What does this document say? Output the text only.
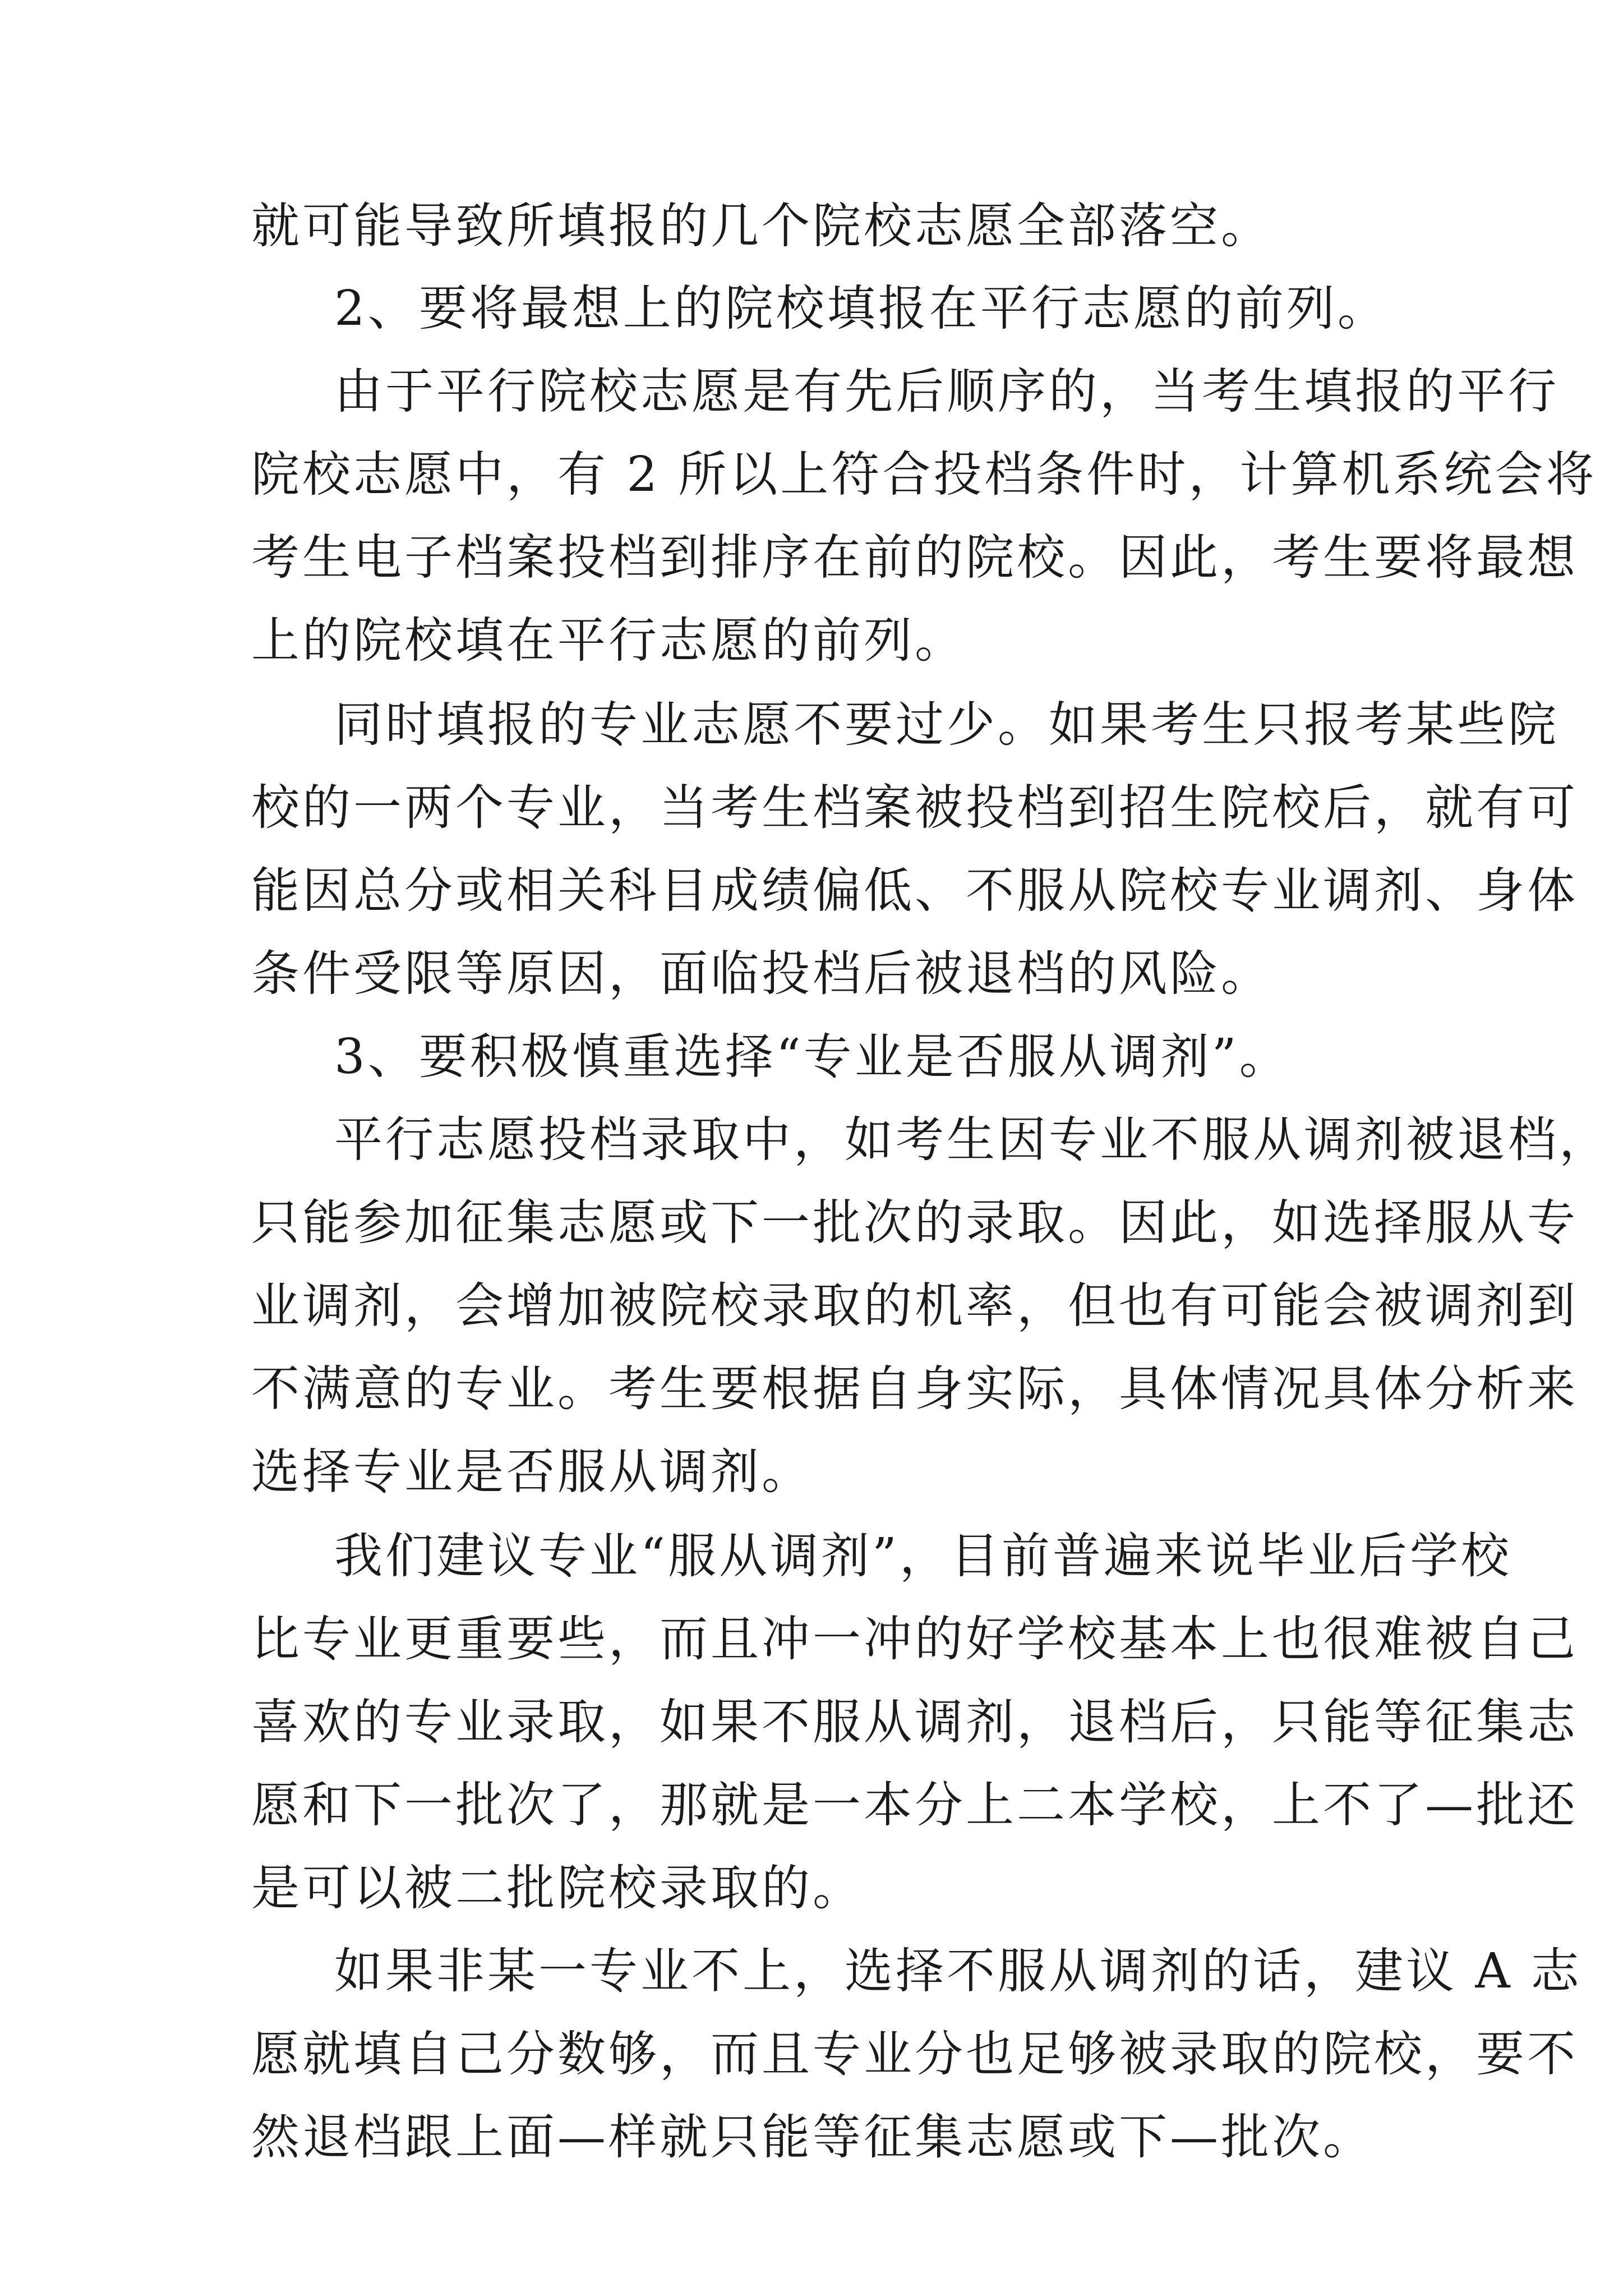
就可能导致所填报的几个院校志愿全部落空。
2、要将最想上的院校填报在平行志愿的前列。
由于平行院校志愿是有先后顺序的，当考生填报的平行
院校志愿中，有 2 所以上符合投档条件时，计算机系统会将
考生电子档案投档到排序在前的院校。因此，考生要将最想
上的院校填在平行志愿的前列。
同时填报的专业志愿不要过少。如果考生只报考某些院
校的一两个专业，当考生档案被投档到招生院校后，就有可
能因总分或相关科目成绩偏低、不服从院校专业调剂、身体
条件受限等原因，面临投档后被退档的风险。
3、要积极慎重选择“专业是否服从调剂”。
平行志愿投档录取中，如考生因专业不服从调剂被退档，
只能参加征集志愿或下一批次的录取。因此，如选择服从专
业调剂，会增加被院校录取的机率，但也有可能会被调剂到
不满意的专业。考生要根据自身实际，具体情况具体分析来
选择专业是否服从调剂。
我们建议专业“服从调剂”，目前普遍来说毕业后学校
比专业更重要些，而且冲一冲的好学校基本上也很难被自己
喜欢的专业录取，如果不服从调剂，退档后，只能等征集志
愿和下一批次了，那就是一本分上二本学校，上不了—批还
是可以被二批院校录取的。
如果非某一专业不上，选择不服从调剂的话，建议 A 志
愿就填自己分数够，而且专业分也足够被录取的院校，要不
然退档跟上面—样就只能等征集志愿或下—批次。
